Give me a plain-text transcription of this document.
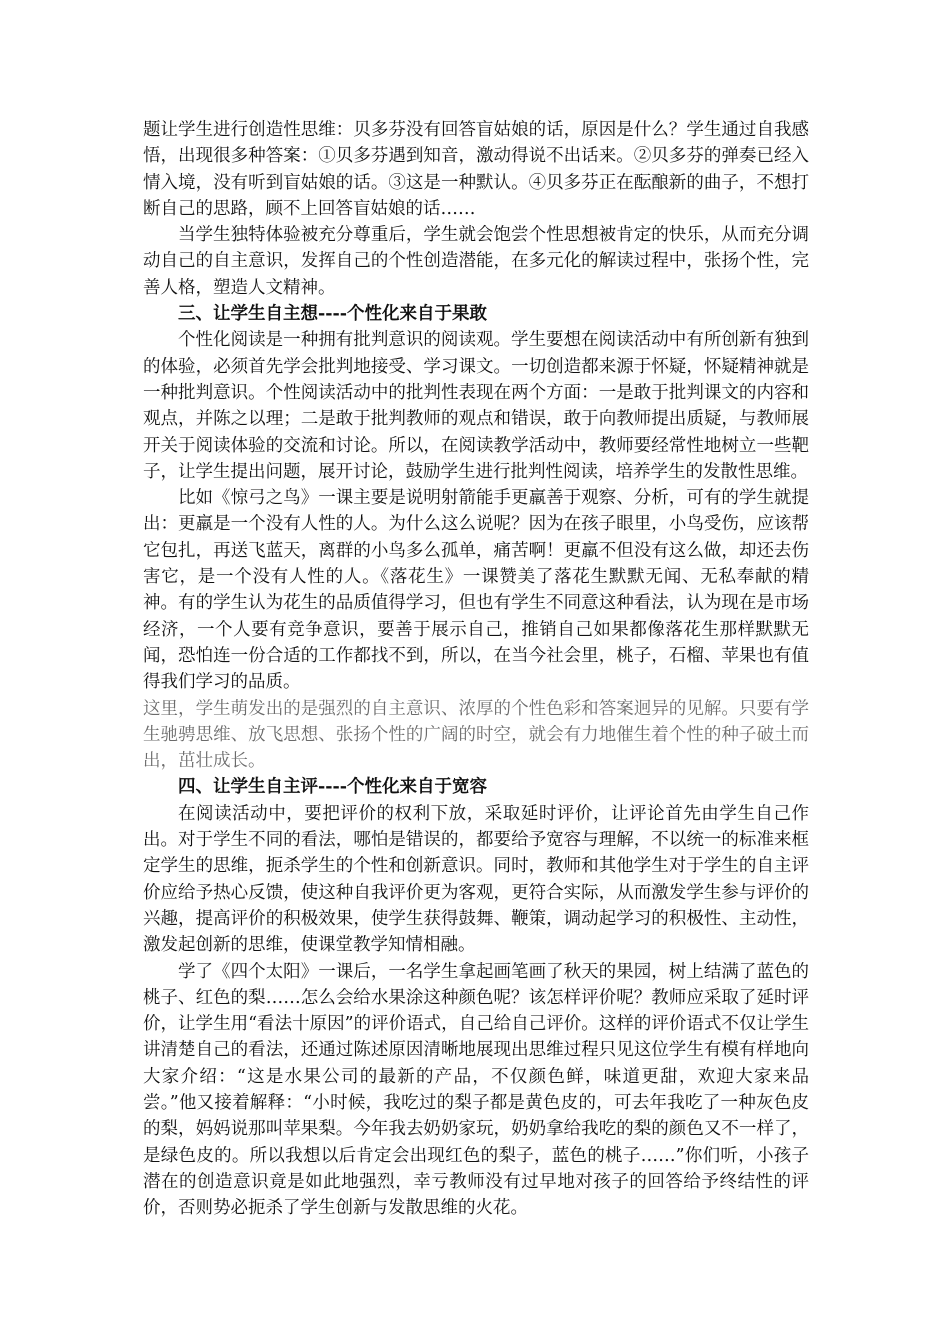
题让学生进行创造性思维：贝多芬没有回答盲姑娘的话，原因是什么？学生通过自我感悟，出现很多种答案：①贝多芬遇到知音，激动得说不出话来。②贝多芬的弹奏已经入情入境，没有听到盲姑娘的话。③这是一种默认。④贝多芬正在酝酿新的曲子，不想打断自己的思路，顾不上回答盲姑娘的话……

当学生独特体验被充分尊重后，学生就会饱尝个性思想被肯定的快乐，从而充分调动自己的自主意识，发挥自己的个性创造潜能，在多元化的解读过程中，张扬个性，完善人格，塑造人文精神。

三、让学生自主想----个性化来自于果敢

个性化阅读是一种拥有批判意识的阅读观。学生要想在阅读活动中有所创新有独到的体验，必须首先学会批判地接受、学习课文。一切创造都来源于怀疑，怀疑精神就是一种批判意识。个性阅读活动中的批判性表现在两个方面：一是敢于批判课文的内容和观点，并陈之以理；二是敢于批判教师的观点和错误，敢于向教师提出质疑，与教师展开关于阅读体验的交流和讨论。所以，在阅读教学活动中，教师要经常性地树立一些靶子，让学生提出问题，展开讨论，鼓励学生进行批判性阅读，培养学生的发散性思维。

比如《惊弓之鸟》一课主要是说明射箭能手更羸善于观察、分析，可有的学生就提出：更羸是一个没有人性的人。为什么这么说呢？因为在孩子眼里，小鸟受伤，应该帮它包扎，再送飞蓝天，离群的小鸟多么孤单，痛苦啊！更羸不但没有这么做，却还去伤害它，是一个没有人性的人。《落花生》一课赞美了落花生默默无闻、无私奉献的精神。有的学生认为花生的品质值得学习，但也有学生不同意这种看法，认为现在是市场经济，一个人要有竞争意识，要善于展示自己，推销自己如果都像落花生那样默默无闻，恐怕连一份合适的工作都找不到，所以，在当今社会里，桃子，石榴、苹果也有值得我们学习的品质。

这里，学生萌发出的是强烈的自主意识、浓厚的个性色彩和答案迥异的见解。只要有学生驰骋思维、放飞思想、张扬个性的广阔的时空，就会有力地催生着个性的种子破土而出，茁壮成长。

四、让学生自主评----个性化来自于宽容

在阅读活动中，要把评价的权利下放，采取延时评价，让评论首先由学生自己作出。对于学生不同的看法，哪怕是错误的，都要给予宽容与理解，不以统一的标准来框定学生的思维，扼杀学生的个性和创新意识。同时，教师和其他学生对于学生的自主评价应给予热心反馈，使这种自我评价更为客观，更符合实际，从而激发学生参与评价的兴趣，提高评价的积极效果，使学生获得鼓舞、鞭策，调动起学习的积极性、主动性，激发起创新的思维，使课堂教学知情相融。

学了《四个太阳》一课后，一名学生拿起画笔画了秋天的果园，树上结满了蓝色的桃子、红色的梨……怎么会给水果涂这种颜色呢？该怎样评价呢？教师应采取了延时评价，让学生用“看法十原因”的评价语式，自己给自己评价。这样的评价语式不仅让学生讲清楚自己的看法，还通过陈述原因清晰地展现出思维过程只见这位学生有模有样地向大家介绍：“这是水果公司的最新的产品，不仅颜色鲜，味道更甜，欢迎大家来品尝。”他又接着解释：“小时候，我吃过的梨子都是黄色皮的，可去年我吃了一种灰色皮的梨，妈妈说那叫苹果梨。今年我去奶奶家玩，奶奶拿给我吃的梨的颜色又不一样了，是绿色皮的。所以我想以后肯定会出现红色的梨子，蓝色的桃子……”你们听，小孩子潜在的创造意识竟是如此地强烈，幸亏教师没有过早地对孩子的回答给予终结性的评价，否则势必扼杀了学生创新与发散思维的火花。
